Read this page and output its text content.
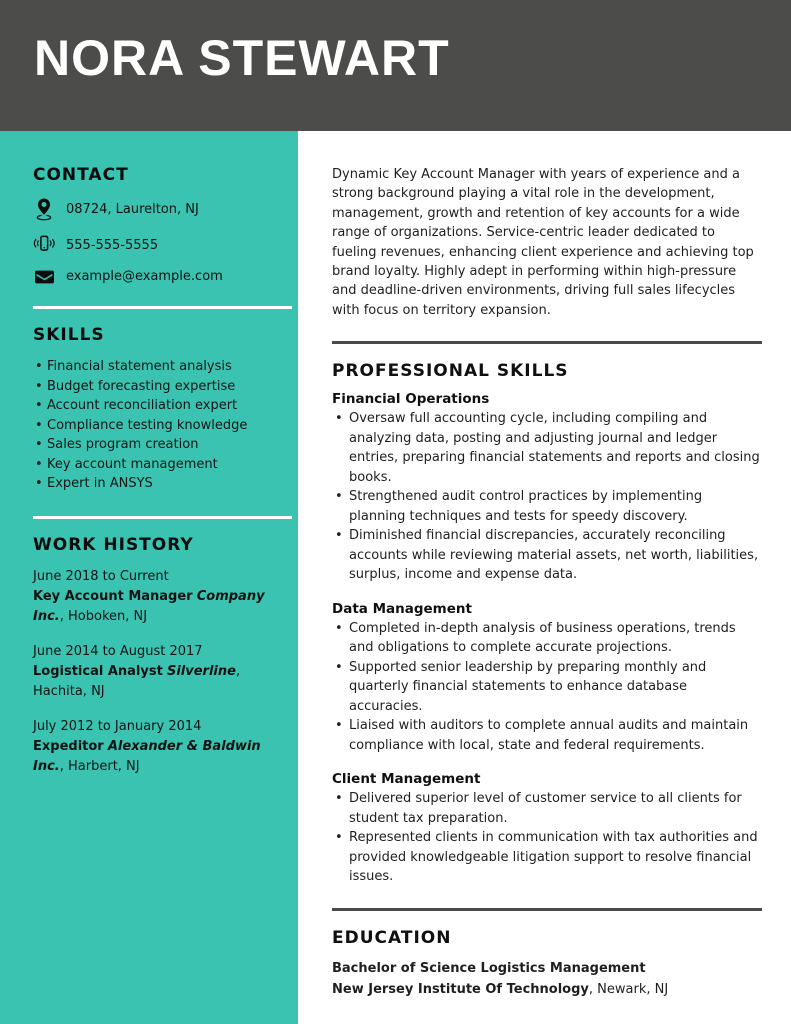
NORA STEWART
CONTACT
08724, Laurelton, NJ
555-555-5555
example@example.com
SKILLS
• Financial statement analysis
• Budget forecasting expertise
• Account reconciliation expert
• Compliance testing knowledge
• Sales program creation
• Key account management
• Expert in ANSYS
WORK HISTORY
June 2018 to Current
Key Account Manager Company Inc., Hoboken, NJ
June 2014 to August 2017
Logistical Analyst Silverline, Hachita, NJ
July 2012 to January 2014
Expeditor Alexander & Baldwin Inc., Harbert, NJ

Dynamic Key Account Manager with years of experience and a strong background playing a vital role in the development, management, growth and retention of key accounts for a wide range of organizations. Service-centric leader dedicated to fueling revenues, enhancing client experience and achieving top brand loyalty. Highly adept in performing within high-pressure and deadline-driven environments, driving full sales lifecycles with focus on territory expansion.

PROFESSIONAL SKILLS
Financial Operations
• Oversaw full accounting cycle, including compiling and analyzing data, posting and adjusting journal and ledger entries, preparing financial statements and reports and closing books.
• Strengthened audit control practices by implementing planning techniques and tests for speedy discovery.
• Diminished financial discrepancies, accurately reconciling accounts while reviewing material assets, net worth, liabilities, surplus, income and expense data.
Data Management
• Completed in-depth analysis of business operations, trends and obligations to complete accurate projections.
• Supported senior leadership by preparing monthly and quarterly financial statements to enhance database accuracies.
• Liaised with auditors to complete annual audits and maintain compliance with local, state and federal requirements.
Client Management
• Delivered superior level of customer service to all clients for student tax preparation.
• Represented clients in communication with tax authorities and provided knowledgeable litigation support to resolve financial issues.
EDUCATION

Bachelor of Science Logistics Management

New Jersey Institute Of Technology, Newark, NJ
